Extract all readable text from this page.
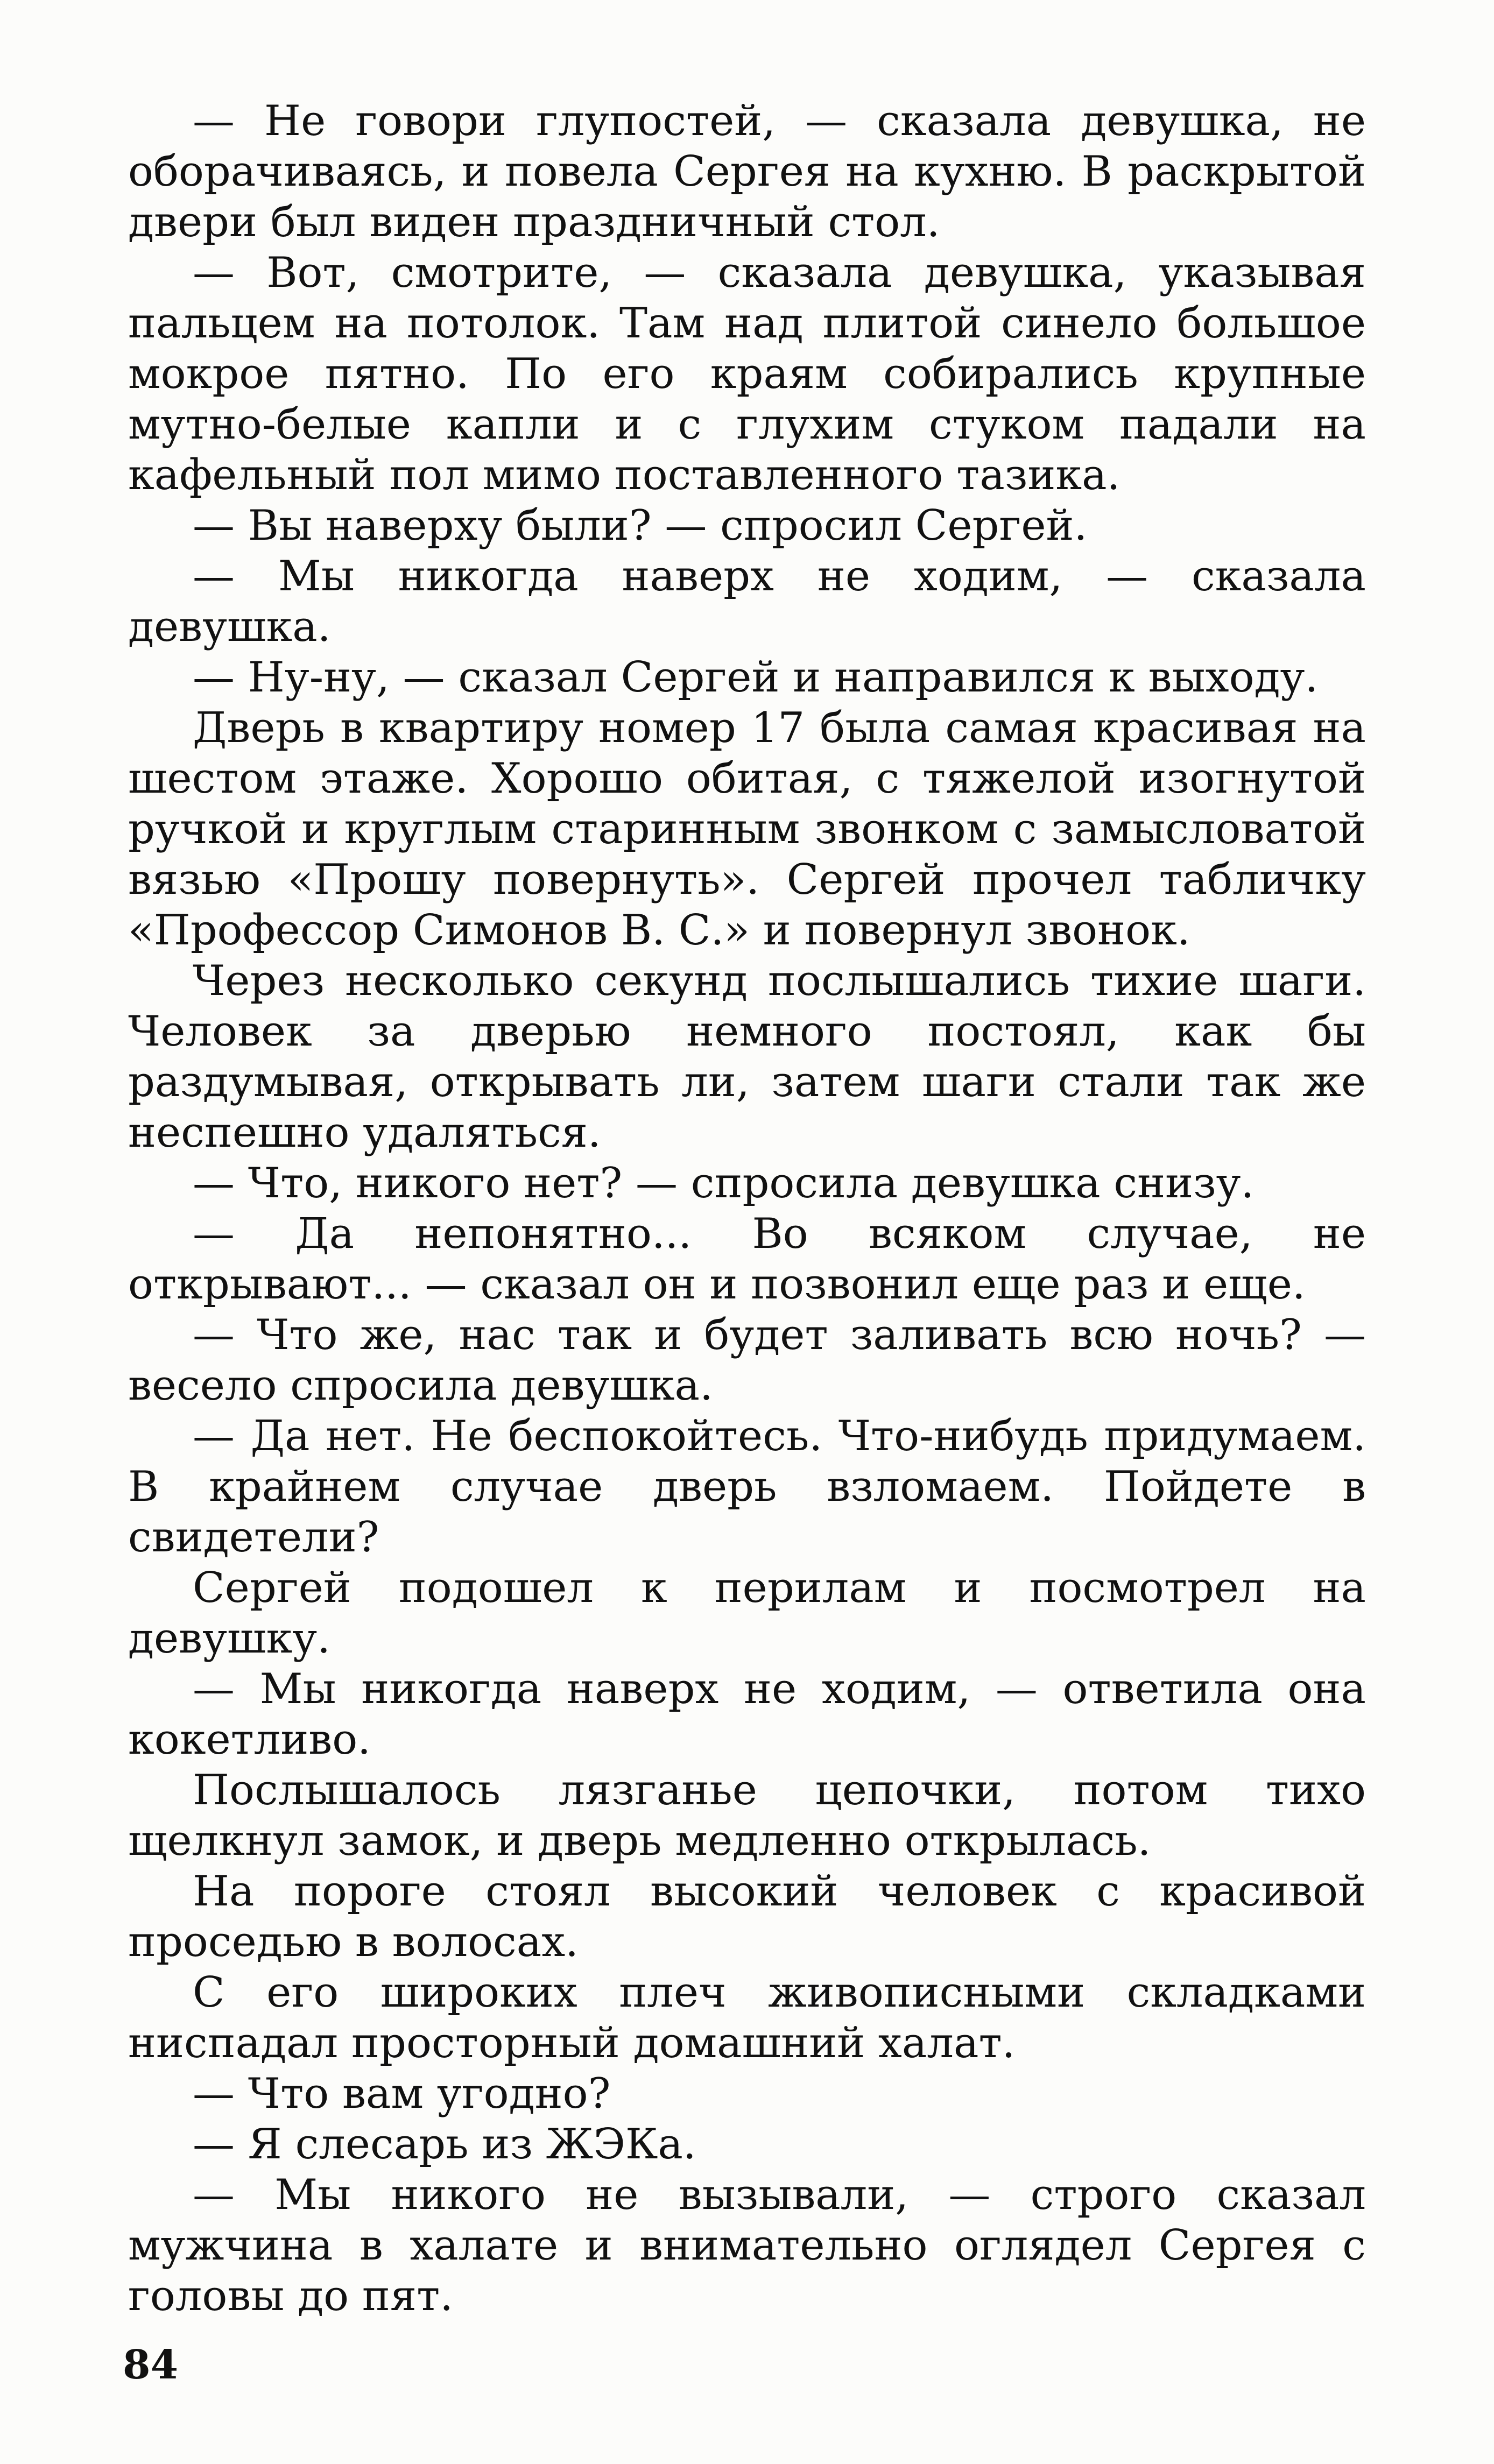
— Не говори глупостей, — сказала девушка, не оборачиваясь, и повела Сергея на кухню. В раскрытой двери был виден праздничный стол.

— Вот, смотрите, — сказала девушка, указывая пальцем на потолок. Там над плитой синело большое мокрое пятно. По его краям собирались крупные мутно-белые капли и с глухим стуком падали на кафельный пол мимо поставленного тазика.

— Вы наверху были? — спросил Сергей.

— Мы никогда наверх не ходим, — сказала девушка.

— Ну-ну, — сказал Сергей и направился к выходу.

Дверь в квартиру номер 17 была самая красивая на шестом этаже. Хорошо обитая, с тяжелой изогнутой ручкой и круглым старинным звонком с замысловатой вязью «Прошу повернуть». Сергей прочел табличку «Профессор Симонов В. С.» и повернул звонок.

Через несколько секунд послышались тихие шаги. Человек за дверью немного постоял, как бы раздумывая, открывать ли, затем шаги стали так же неспешно удаляться.

— Что, никого нет? — спросила девушка снизу.

— Да непонятно... Во всяком случае, не открывают... — сказал он и позвонил еще раз и еще.

— Что же, нас так и будет заливать всю ночь? — весело спросила девушка.

— Да нет. Не беспокойтесь. Что-нибудь придумаем. В крайнем случае дверь взломаем. Пойдете в свидетели?

Сергей подошел к перилам и посмотрел на девушку.

— Мы никогда наверх не ходим, — ответила она кокетливо.

Послышалось лязганье цепочки, потом тихо щелкнул замок, и дверь медленно открылась.

На пороге стоял высокий человек с красивой проседью в волосах.

С его широких плеч живописными складками ниспадал просторный домашний халат.

— Что вам угодно?

— Я слесарь из ЖЭКа.

— Мы никого не вызывали, — строго сказал мужчина в халате и внимательно оглядел Сергея с головы до пят.

84
